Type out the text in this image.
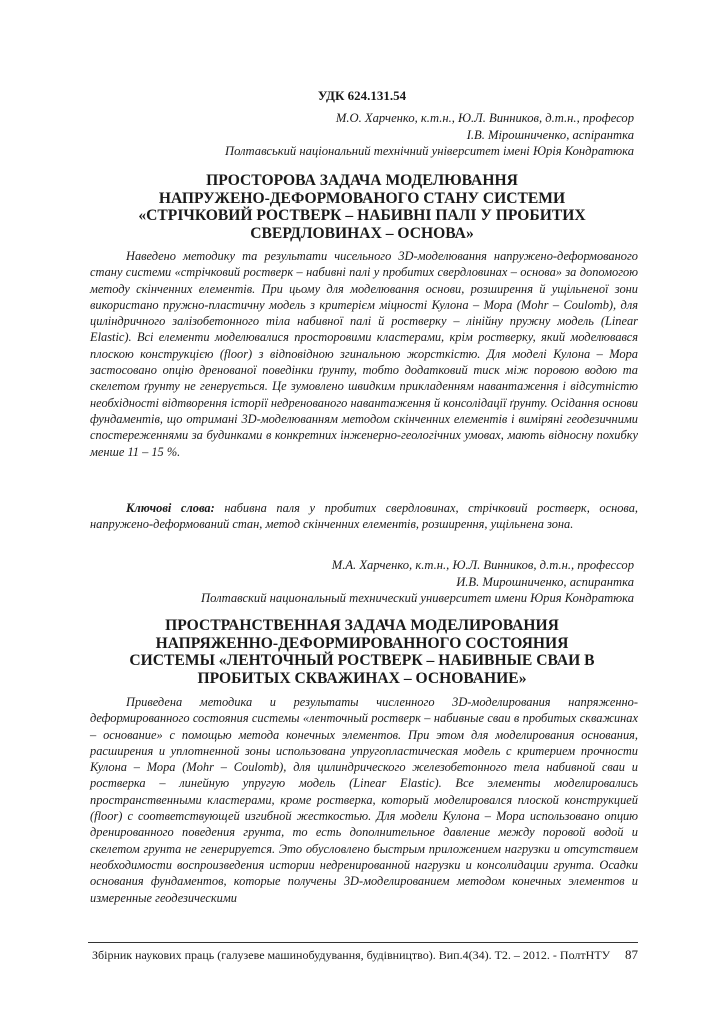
УДК 624.131.54
М.О. Харченко, к.т.н., Ю.Л. Винников, д.т.н., професор
І.В. Мірошниченко, аспірантка
Полтавський національний технічний університет імені Юрія Кондратюка
ПРОСТОРОВА ЗАДАЧА МОДЕЛЮВАННЯ
НАПРУЖЕНО-ДЕФОРМОВАНОГО СТАНУ СИСТЕМИ
«СТРІЧКОВИЙ РОСТВЕРК – НАБИВНІ ПАЛІ У ПРОБИТИХ
СВЕРДЛОВИНАХ – ОСНОВА»

Наведено методику та результати чисельного 3D-моделювання напружено-деформованого стану системи «стрічковий ростверк – набивні палі у пробитих свердловинах – основа» за допомогою методу скінченних елементів. При цьому для моделювання основи, розширення й ущільненої зони використано пружно-пластичну модель з критерієм міцності Кулона – Мора (Mohr – Coulomb), для циліндричного залізобетонного тіла набивної палі й ростверку – лінійну пружну модель (Linear Elastic). Всі елементи моделювалися просторовими кластерами, крім ростверку, який моделювався плоскою конструкцією (floor) з відповідною згинальною жорсткістю. Для моделі Кулона – Мора застосовано опцію дренованої поведінки ґрунту, тобто додатковий тиск між поровою водою та скелетом ґрунту не генерується. Це зумовлено швидким прикладенням навантаження і відсутністю необхідності відтворення історії недренованого навантаження й консолідації ґрунту. Осідання основи фундаментів, що отримані 3D-моделюванням методом скінченних елементів і виміряні геодезичними спостереженнями за будинками в конкретних інженерно-геологічних умовах, мають відносну похибку менше 11 – 15 %.

Ключові слова: набивна паля у пробитих свердловинах, стрічковий ростверк, основа, напружено-деформований стан, метод скінченних елементів, розширення, ущільнена зона.

М.А. Харченко, к.т.н., Ю.Л. Винников, д.т.н., профессор
И.В. Мирошниченко, аспирантка
Полтавский национальный технический университет имени Юрия Кондратюка
ПРОСТРАНСТВЕННАЯ ЗАДАЧА МОДЕЛИРОВАНИЯ
НАПРЯЖЕННО-ДЕФОРМИРОВАННОГО СОСТОЯНИЯ
СИСТЕМЫ «ЛЕНТОЧНЫЙ РОСТВЕРК – НАБИВНЫЕ СВАИ В
ПРОБИТЫХ СКВАЖИНАХ – ОСНОВАНИЕ»

Приведена методика и результаты численного 3D-моделирования напряженно-деформированного состояния системы «ленточный ростверк – набивные сваи в пробитых скважинах – основание» с помощью метода конечных элементов. При этом для моделирования основания, расширения и уплотненной зоны использована упругопластическая модель с критерием прочности Кулона – Мора (Mohr – Coulomb), для цилиндрического железобетонного тела набивной сваи и ростверка – линейную упругую модель (Linear Elastic). Все элементы моделировались пространственными кластерами, кроме ростверка, который моделировался плоской конструкцией (floor) с соответствующей изгибной жесткостью. Для модели Кулона – Мора использовано опцию дренированного поведения грунта, то есть дополнительное давление между поровой водой и скелетом грунта не генерируется. Это обусловлено быстрым приложением нагрузки и отсутствием необходимости воспроизведения истории недренированной нагрузки и консолидации грунта. Осадки основания фундаментов, которые получены 3D-моделированием методом конечных элементов и измеренные геодезическими

Збірник наукових праць (галузеве машинобудування, будівництво). Вип.4(34). Т2. – 2012. - ПолтНТУ 87
